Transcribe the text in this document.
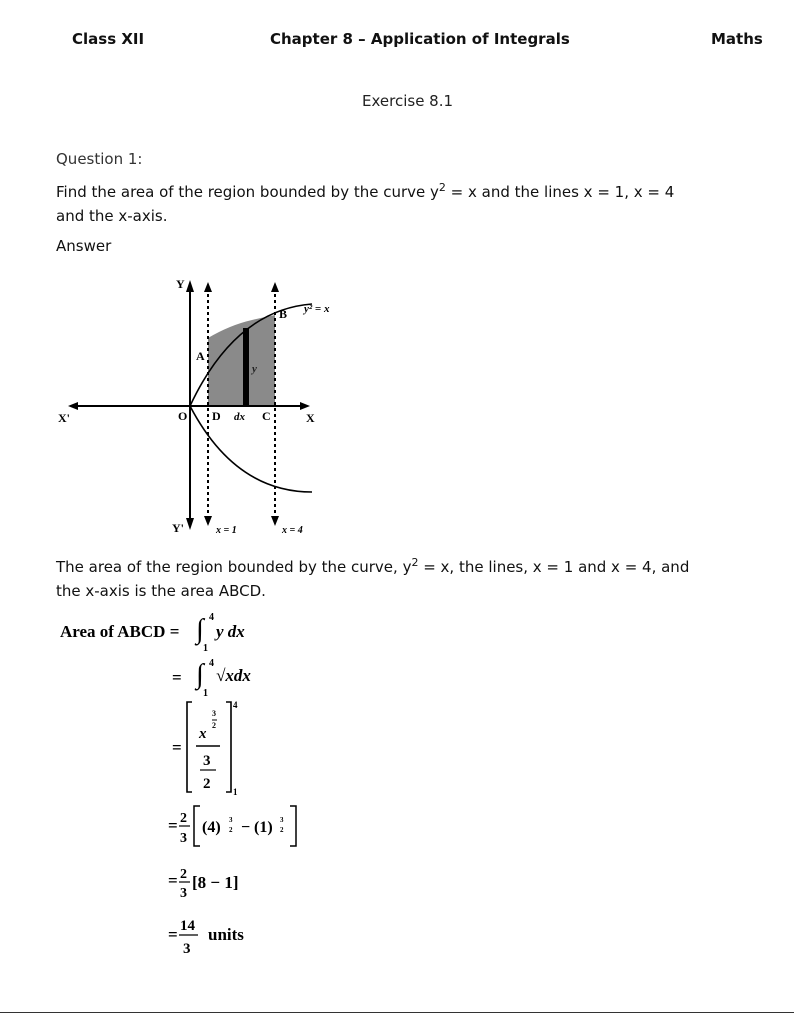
Class XII	Chapter 8 – Application of Integrals	Maths
Exercise 8.1
Question 1:
Find the area of the region bounded by the curve $y^2 = x$ and the lines x = 1, x = 4
and the x-axis.
Answer
Y
Y'
X
X'	O
A
B
C
D dx
y
y² = x
x = 1	x = 4
The area of the region bounded by the curve, $y^2 = x$, the lines, x = 1 and x = 4, and
the x-axis is the area ABCD.
Area of ABCD = ∫ 4
1
y dx
= ∫ 4
1
√xdx
=
x
3
2
3
2
4
1
= 2
3
(4) 3
2 − (1) 3
2
= 2
3
[8 − 1]
= 14
3
units
